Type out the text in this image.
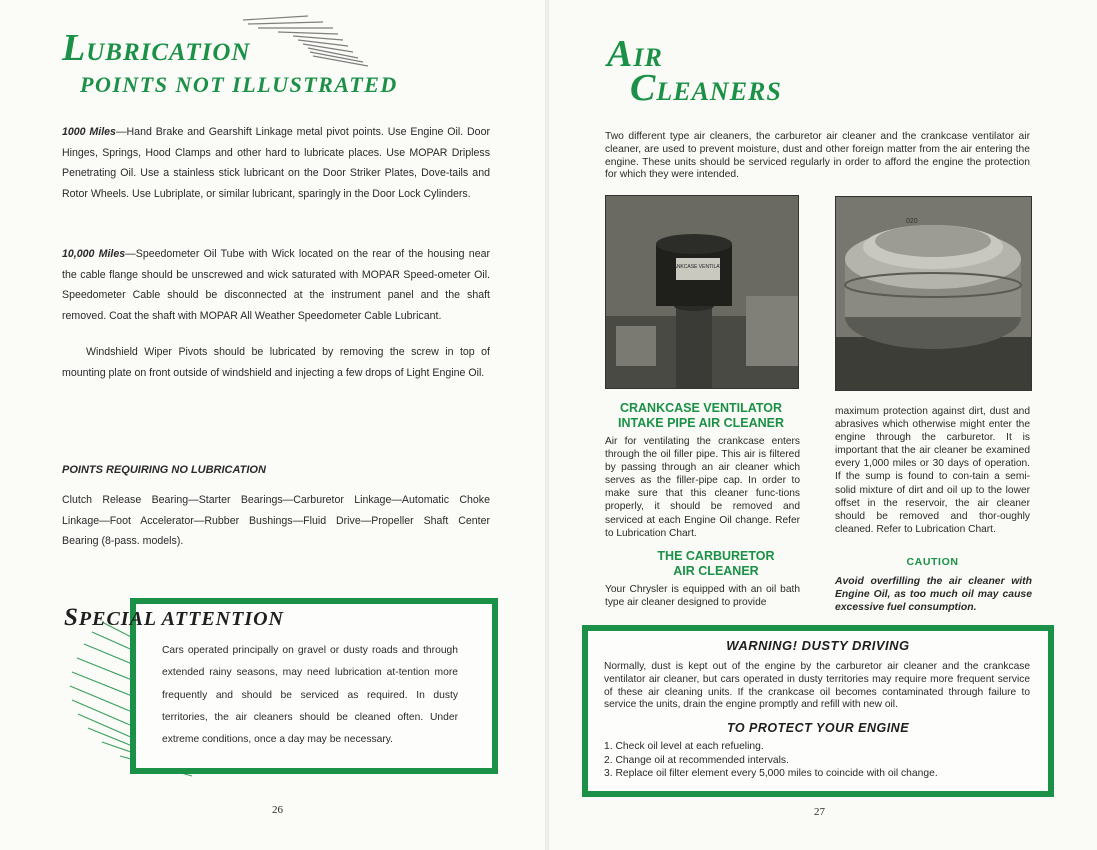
LUBRICATION
POINTS NOT ILLUSTRATED
1000 Miles—Hand Brake and Gearshift Linkage metal pivot points. Use Engine Oil. Door Hinges, Springs, Hood Clamps and other hard to lubricate places. Use MOPAR Dripless Penetrating Oil. Use a stainless stick lubricant on the Door Striker Plates, Dove-tails and Rotor Wheels. Use Lubriplate, or similar lubricant, sparingly in the Door Lock Cylinders.
10,000 Miles—Speedometer Oil Tube with Wick located on the rear of the housing near the cable flange should be unscrewed and wick saturated with MOPAR Speed-ometer Oil. Speedometer Cable should be disconnected at the instrument panel and the shaft removed. Coat the shaft with MOPAR All Weather Speedometer Cable Lubricant.
Windshield Wiper Pivots should be lubricated by removing the screw in top of mounting plate on front outside of windshield and injecting a few drops of Light Engine Oil.
POINTS REQUIRING NO LUBRICATION
Clutch Release Bearing—Starter Bearings—Carburetor Linkage—Automatic Choke Linkage—Foot Accelerator—Rubber Bushings—Fluid Drive—Propeller Shaft Center Bearing (8-pass. models).
SPECIAL ATTENTION
Cars operated principally on gravel or dusty roads and through extended rainy seasons, may need lubrication at-tention more frequently and should be serviced as required. In dusty territories, the air cleaners should be cleaned often. Under extreme conditions, once a day may be necessary.
26
AIR
CLEANERS
Two different type air cleaners, the carburetor air cleaner and the crankcase ventilator air cleaner, are used to prevent moisture, dust and other foreign matter from the air entering the engine. These units should be serviced regularly in order to afford the engine the protection for which they were intended.
CRANKCASE VENTILATOR
020
CRANKCASE VENTILATOR
INTAKE PIPE AIR CLEANER
Air for ventilating the crankcase enters through the oil filler pipe. This air is filtered by passing through an air cleaner which serves as the filler-pipe cap. In order to make sure that this cleaner func-tions properly, it should be removed and serviced at each Engine Oil change. Refer to Lubrication Chart.
THE CARBURETOR
AIR CLEANER
Your Chrysler is equipped with an oil bath type air cleaner designed to provide
maximum protection against dirt, dust and abrasives which otherwise might enter the engine through the carburetor. It is important that the air cleaner be examined every 1,000 miles or 30 days of operation. If the sump is found to con-tain a semi-solid mixture of dirt and oil up to the lower offset in the reservoir, the air cleaner should be removed and thor-oughly cleaned. Refer to Lubrication Chart.
CAUTION
Avoid overfilling the air cleaner with Engine Oil, as too much oil may cause excessive fuel consumption.
WARNING! DUSTY DRIVING
Normally, dust is kept out of the engine by the carburetor air cleaner and the crankcase ventilator air cleaner, but cars operated in dusty territories may require more frequent service of these air cleaning units. If the crankcase oil becomes contaminated through failure to service the units, drain the engine promptly and refill with new oil.
TO PROTECT YOUR ENGINE
1. Check oil level at each refueling.
2. Change oil at recommended intervals.
3. Replace oil filter element every 5,000 miles to coincide with oil change.
27
